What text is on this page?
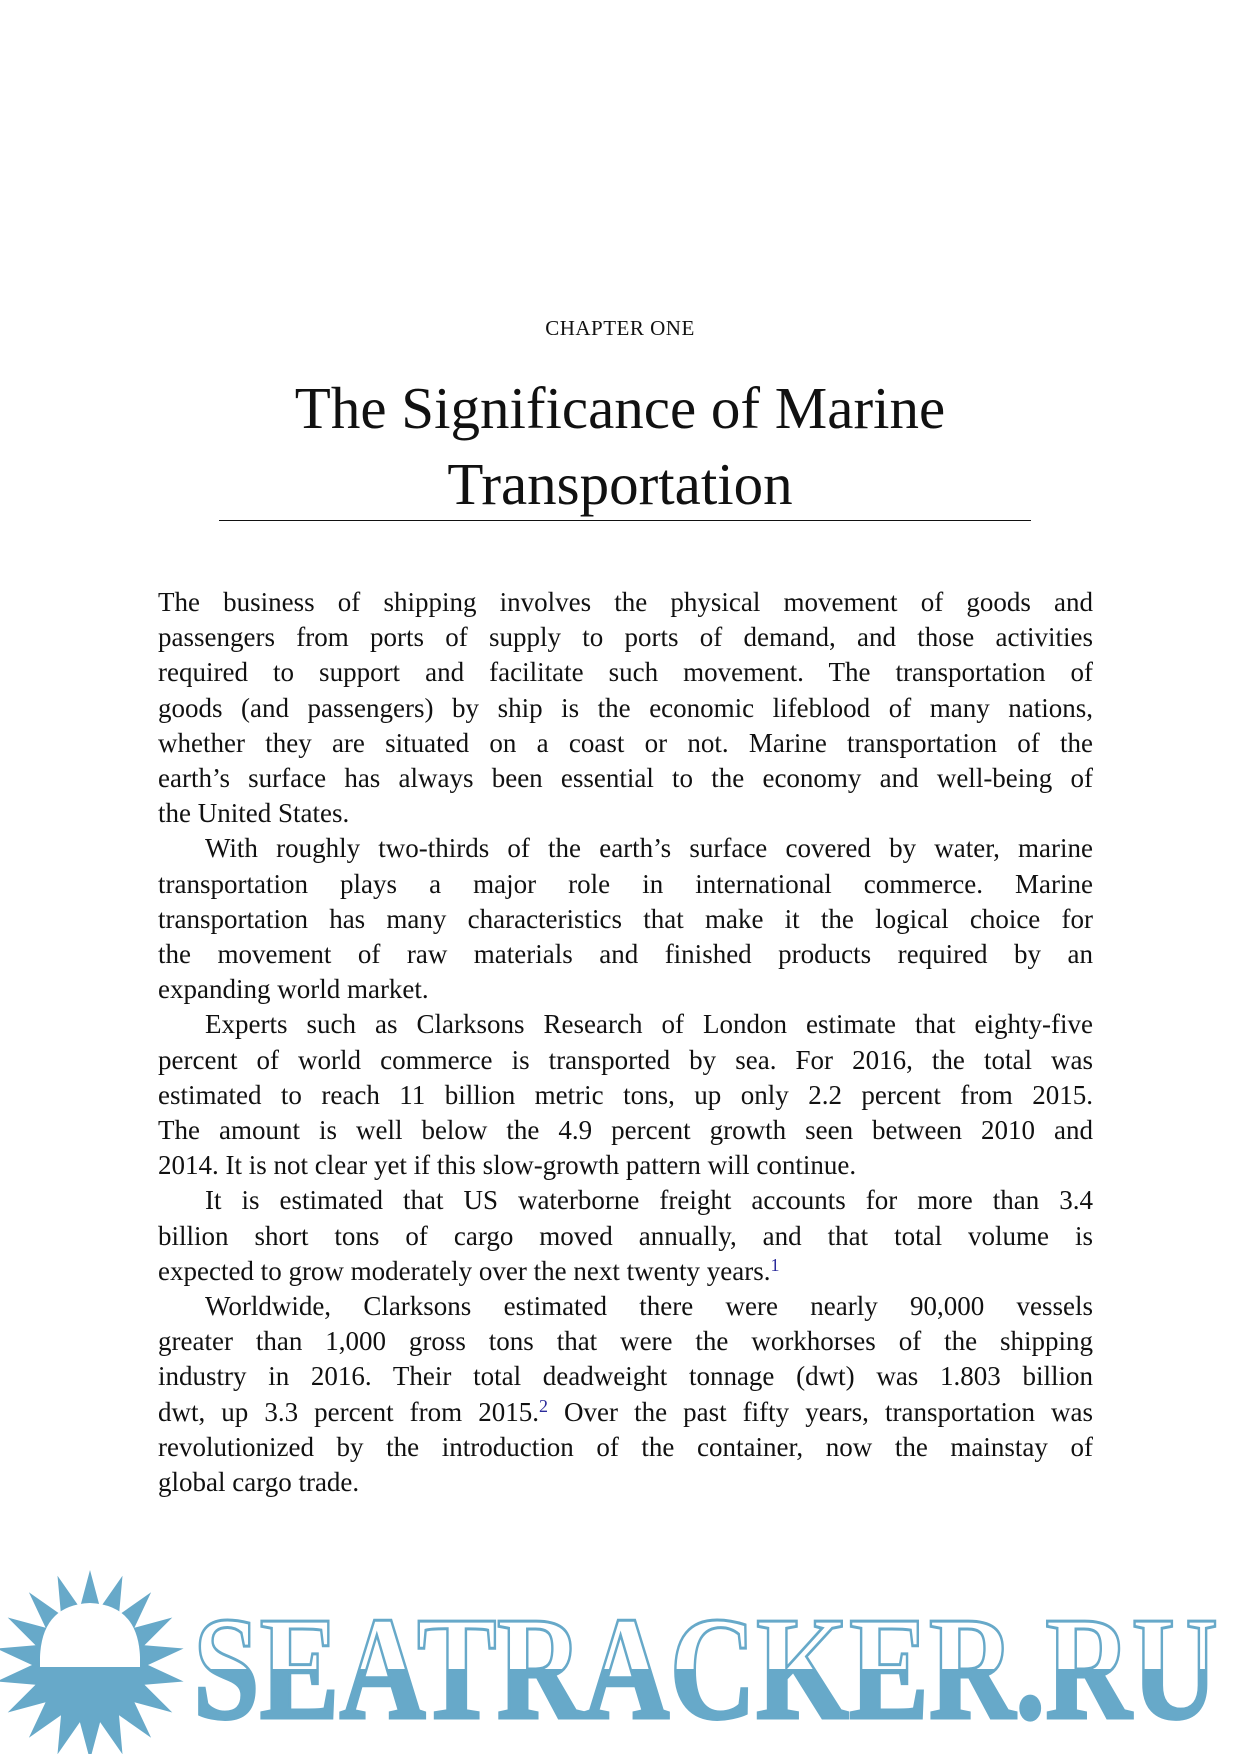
CHAPTER ONE
The Significance of Marine
Transportation
The business of shipping involves the physical movement of goods and
passengers from ports of supply to ports of demand, and those activities
required to support and facilitate such movement. The transportation of
goods (and passengers) by ship is the economic lifeblood of many nations,
whether they are situated on a coast or not. Marine transportation of the
earth’s surface has always been essential to the economy and well-being of
the United States.
With roughly two-thirds of the earth’s surface covered by water, marine
transportation plays a major role in international commerce. Marine
transportation has many characteristics that make it the logical choice for
the movement of raw materials and finished products required by an
expanding world market.
Experts such as Clarksons Research of London estimate that eighty-five
percent of world commerce is transported by sea. For 2016, the total was
estimated to reach 11 billion metric tons, up only 2.2 percent from 2015.
The amount is well below the 4.9 percent growth seen between 2010 and
2014. It is not clear yet if this slow-growth pattern will continue.
It is estimated that US waterborne freight accounts for more than 3.4
billion short tons of cargo moved annually, and that total volume is
expected to grow moderately over the next twenty years.$^1$
Worldwide, Clarksons estimated there were nearly 90,000 vessels
greater than 1,000 gross tons that were the workhorses of the shipping
industry in 2016. Their total deadweight tonnage (dwt) was 1.803 billion
dwt, up 3.3 percent from 2015.$^2$ Over the past fifty years, transportation was
revolutionized by the introduction of the container, now the mainstay of
global cargo trade.
SEATRACKER.RU
